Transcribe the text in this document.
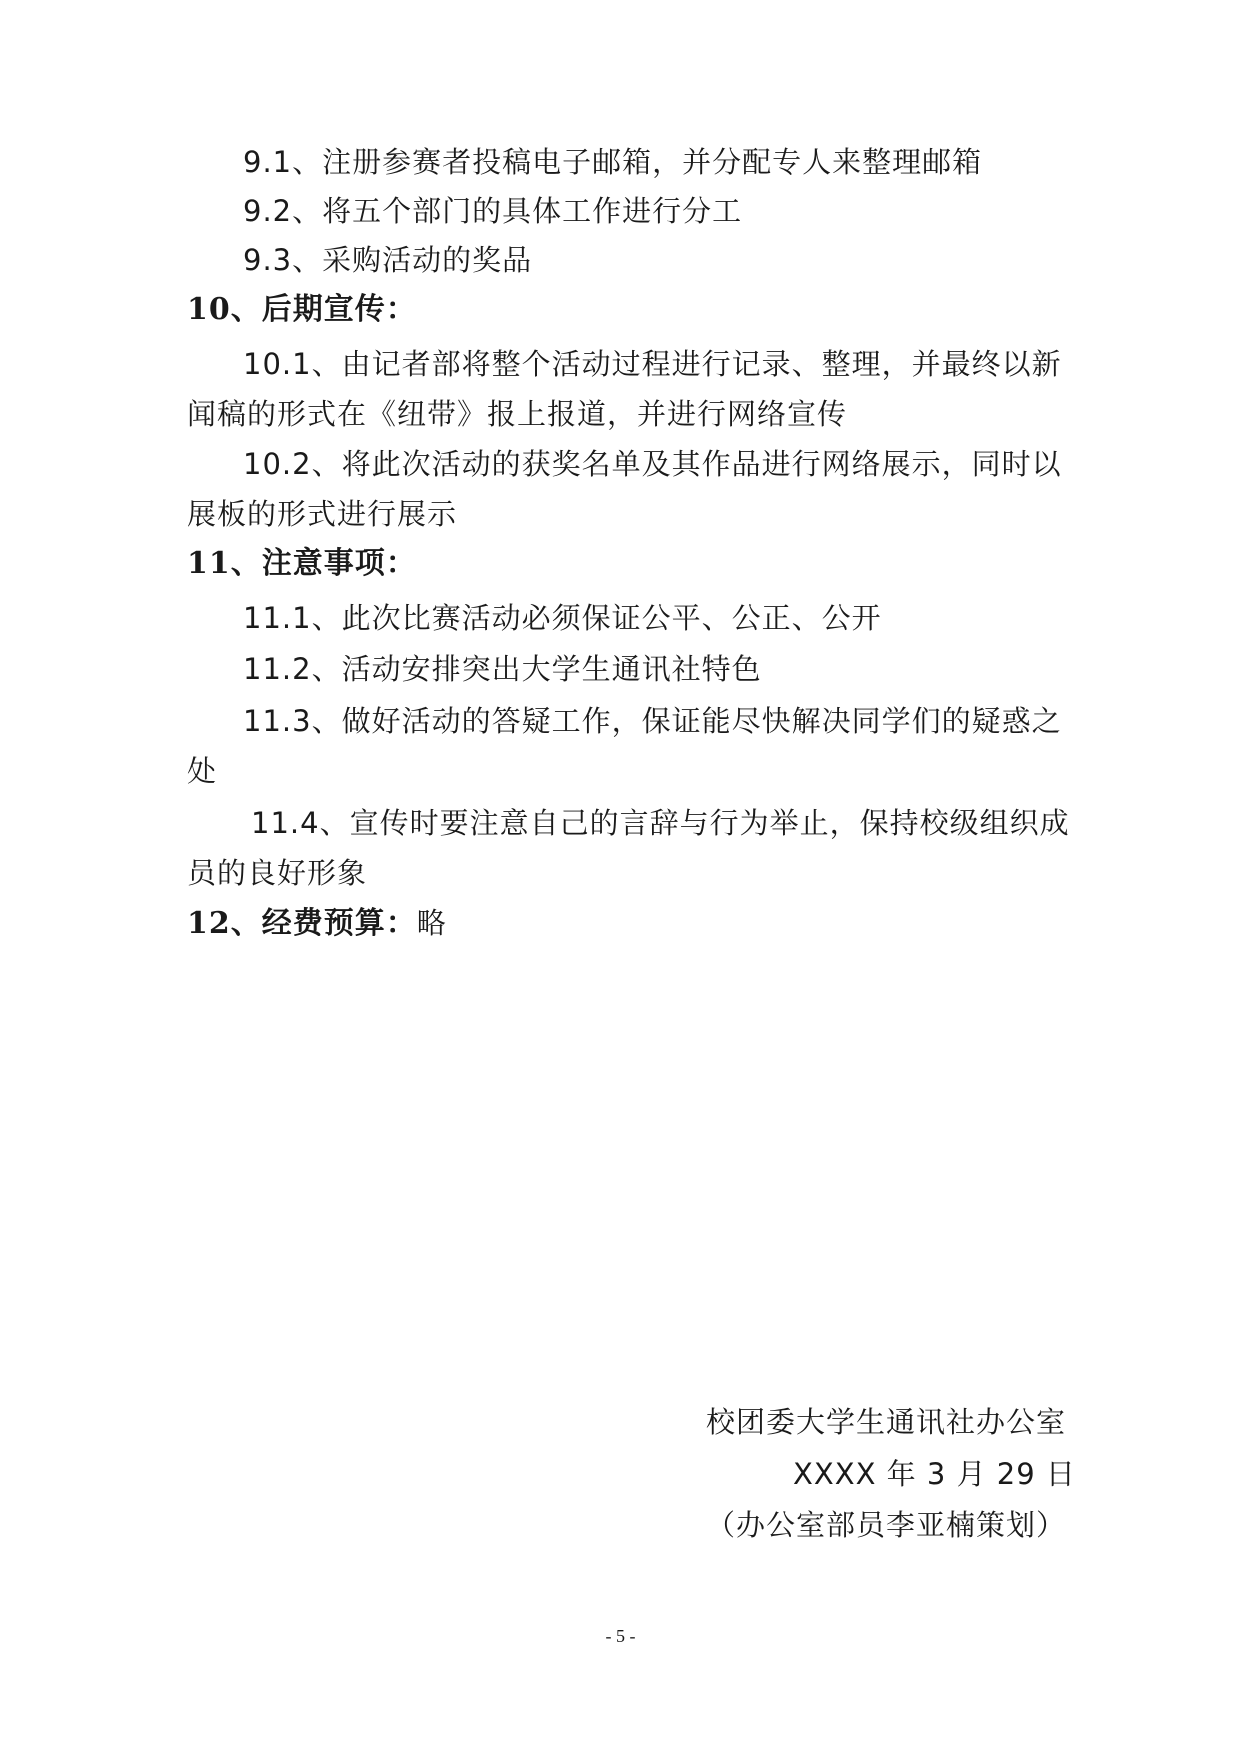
9.1、注册参赛者投稿电子邮箱，并分配专人来整理邮箱
9.2、将五个部门的具体工作进行分工
9.3、采购活动的奖品
10、后期宣传：
10.1、由记者部将整个活动过程进行记录、整理，并最终以新
闻稿的形式在《纽带》报上报道，并进行网络宣传
10.2、将此次活动的获奖名单及其作品进行网络展示，同时以
展板的形式进行展示
11、注意事项：
11.1、此次比赛活动必须保证公平、公正、公开
11.2、活动安排突出大学生通讯社特色
11.3、做好活动的答疑工作，保证能尽快解决同学们的疑惑之
处
11.4、宣传时要注意自己的言辞与行为举止，保持校级组织成
员的良好形象
12、经费预算：略
校团委大学生通讯社办公室
XXXX 年 3 月 29 日
（办公室部员李亚楠策划）
- 5 -
